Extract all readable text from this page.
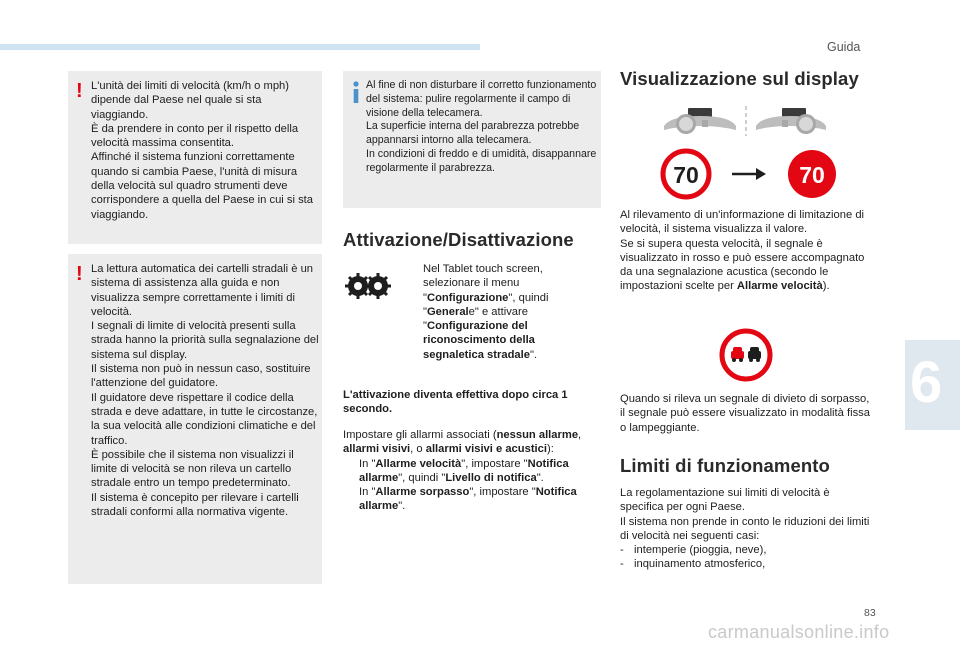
Guida
! L'unità dei limiti di velocità (km/h o mph) dipende dal Paese nel quale si sta viaggiando.

È da prendere in conto per il rispetto della velocità massima consentita.

Affinché il sistema funzioni correttamente quando si cambia Paese, l'unità di misura della velocità sul quadro strumenti deve corrispondere a quella del Paese in cui si sta viaggiando.

! La lettura automatica dei cartelli stradali è un sistema di assistenza alla guida e non visualizza sempre correttamente i limiti di velocità.

I segnali di limite di velocità presenti sulla strada hanno la priorità sulla segnalazione del sistema sul display.

Il sistema non può in nessun caso, sostituire l'attenzione del guidatore.

Il guidatore deve rispettare il codice della strada e deve adattare, in tutte le circostanze, la sua velocità alle condizioni climatiche e del traffico.

È possibile che il sistema non visualizzi il limite di velocità se non rileva un cartello stradale entro un tempo predeterminato.

Il sistema è concepito per rilevare i cartelli stradali conformi alla normativa vigente.

Al fine di non disturbare il corretto funzionamento del sistema: pulire regolarmente il campo di visione della telecamera.

La superficie interna del parabrezza potrebbe appannarsi intorno alla telecamera.

In condizioni di freddo e di umidità, disappannare regolarmente il parabrezza.

Attivazione/Disattivazione
Nel Tablet touch screen, selezionare il menu "Configurazione", quindi "Generale" e attivare "Configurazione del riconoscimento della segnaletica stradale".
L'attivazione diventa effettiva dopo circa 1 secondo.

Impostare gli allarmi associati (nessun allarme, allarmi visivi, o allarmi visivi e acustici):

In "Allarme velocità", impostare "Notifica allarme", quindi "Livello di notifica".
In "Allarme sorpasso", impostare "Notifica allarme".
Visualizzazione sul display
70	70

Al rilevamento di un'informazione di limitazione di velocità, il sistema visualizza il valore.

Se si supera questa velocità, il segnale è visualizzato in rosso e può essere accompagnato da una segnalazione acustica (secondo le impostazioni scelte per Allarme velocità).

Quando si rileva un segnale di divieto di sorpasso, il segnale può essere visualizzato in modalità fissa o lampeggiante.
Limiti di funzionamento

La regolamentazione sui limiti di velocità è specifica per ogni Paese.

Il sistema non prende in conto le riduzioni dei limiti di velocità nei seguenti casi:

- intemperie (pioggia, neve),
- inquinamento atmosferico,
6
83
carmanualsonline.info
